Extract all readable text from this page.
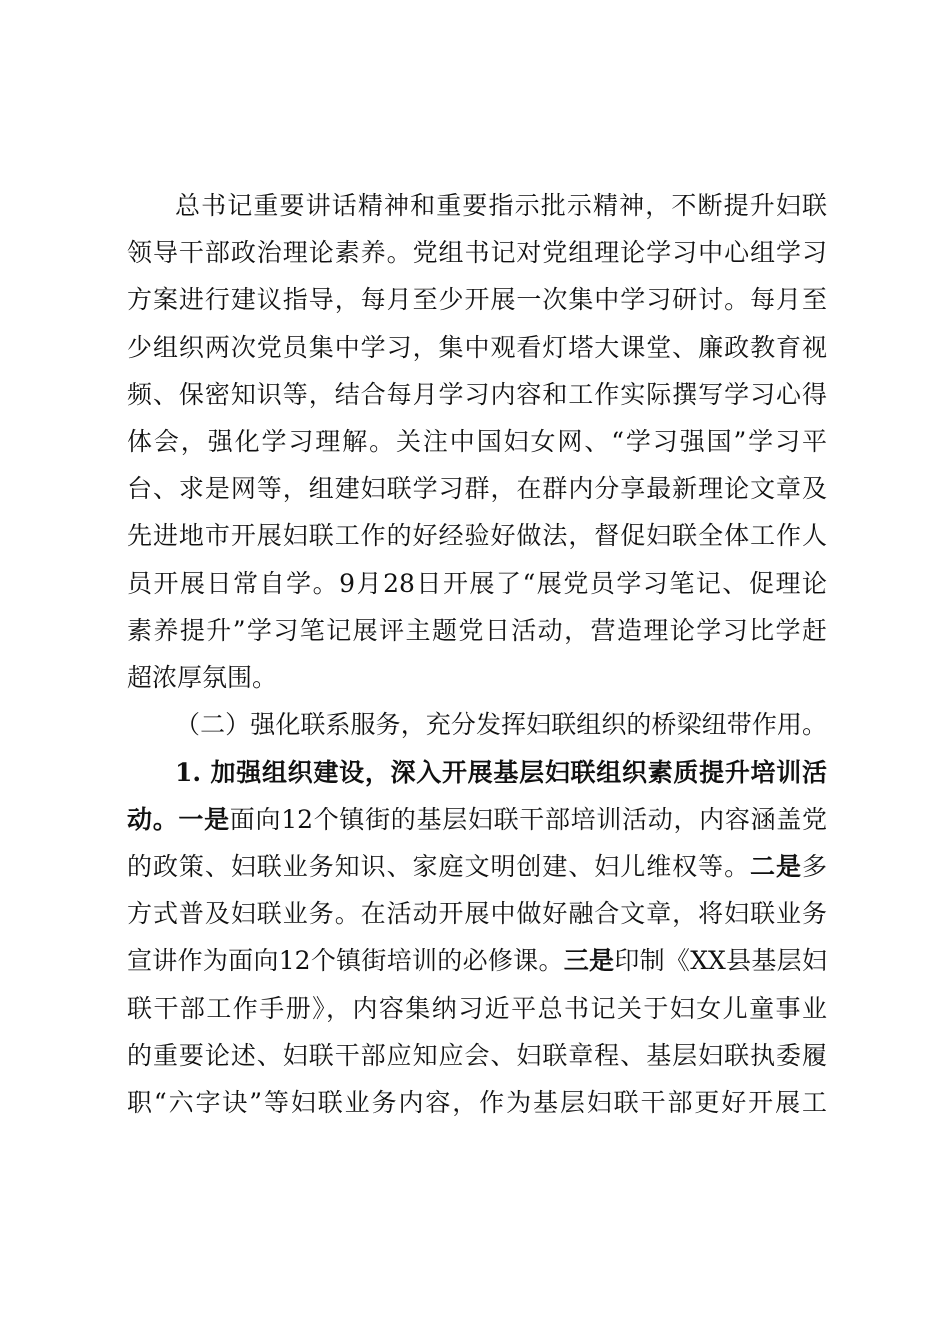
总书记重要讲话精神和重要指示批示精神，不断提升妇联
领导干部政治理论素养。党组书记对党组理论学习中心组学习
方案进行建议指导，每月至少开展一次集中学习研讨。每月至
少组织两次党员集中学习，集中观看灯塔大课堂、廉政教育视
频、保密知识等，结合每月学习内容和工作实际撰写学习心得
体会，强化学习理解。关注中国妇女网、“学习强国”学习平
台、求是网等，组建妇联学习群，在群内分享最新理论文章及
先进地市开展妇联工作的好经验好做法，督促妇联全体工作人
员开展日常自学。9月28日开展了“展党员学习笔记、促理论
素养提升”学习笔记展评主题党日活动，营造理论学习比学赶
超浓厚氛围。
（二）强化联系服务，充分发挥妇联组织的桥梁纽带作用。
1. 加强组织建设，深入开展基层妇联组织素质提升培训活
动。一是面向12个镇街的基层妇联干部培训活动，内容涵盖党
的政策、妇联业务知识、家庭文明创建、妇儿维权等。二是多
方式普及妇联业务。在活动开展中做好融合文章，将妇联业务
宣讲作为面向12个镇街培训的必修课。三是印制《XX县基层妇
联干部工作手册》，内容集纳习近平总书记关于妇女儿童事业
的重要论述、妇联干部应知应会、妇联章程、基层妇联执委履
职“六字诀”等妇联业务内容，作为基层妇联干部更好开展工
